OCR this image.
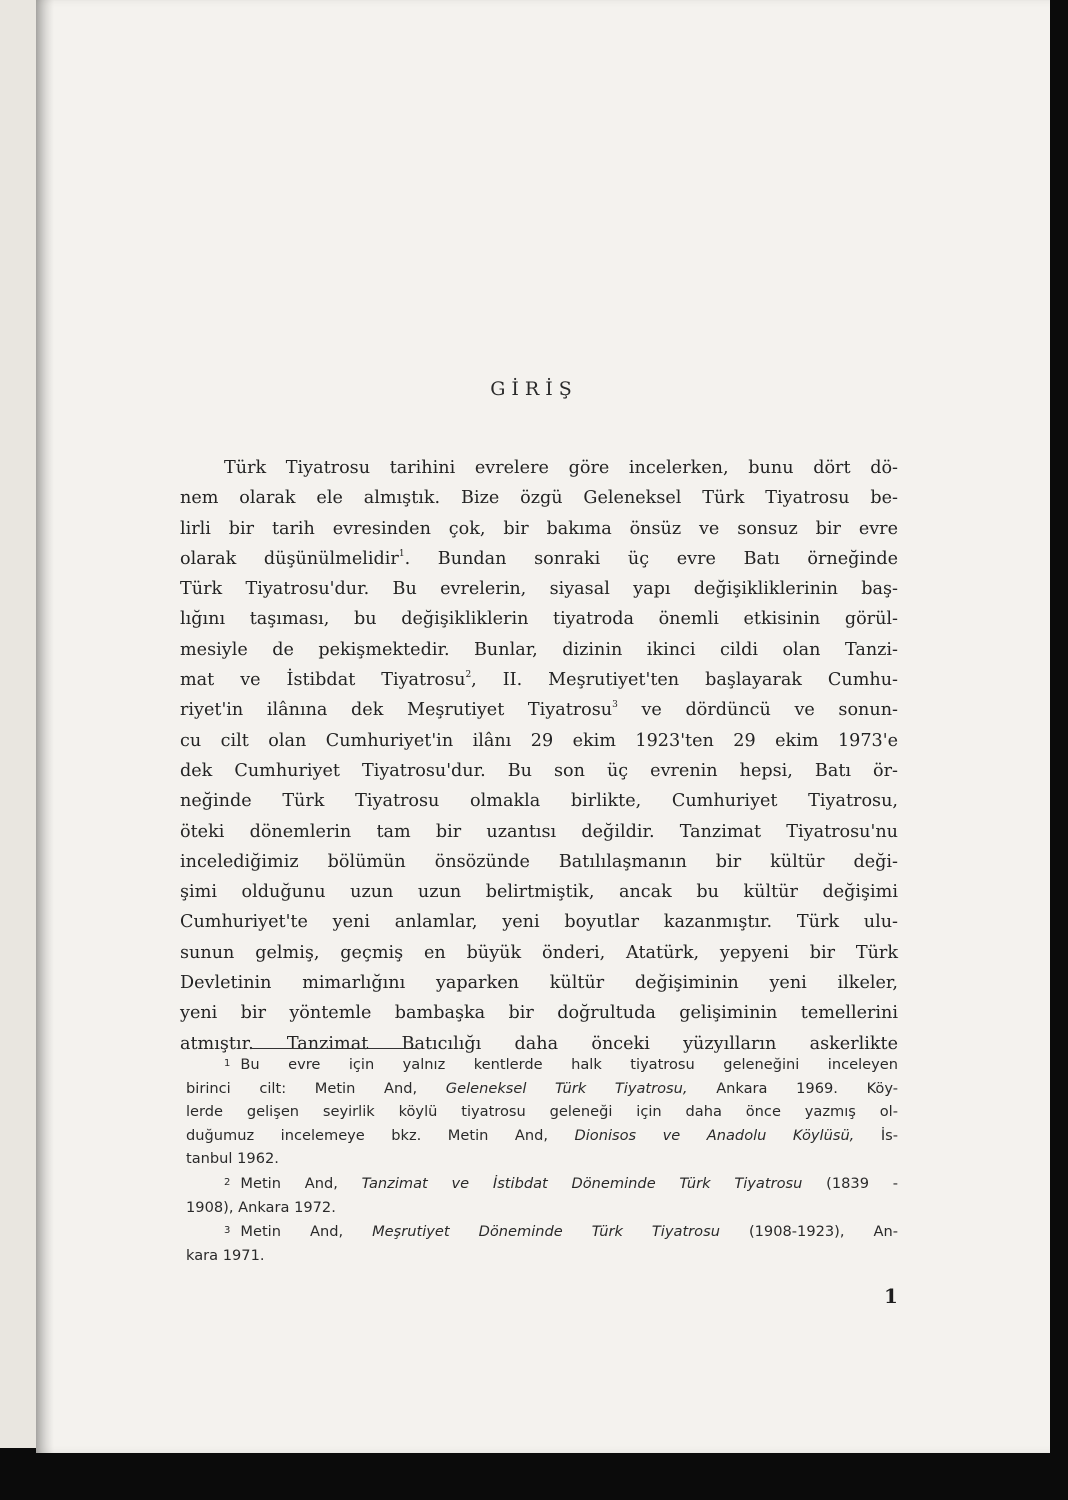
GİRİŞ
Türk Tiyatrosu tarihini evrelere göre incelerken, bunu dört dö-
nem olarak ele almıştık. Bize özgü Geleneksel Türk Tiyatrosu be-
lirli bir tarih evresinden çok, bir bakıma önsüz ve sonsuz bir evre
olarak düşünülmelidir$^1$. Bundan sonraki üç evre Batı örneğinde
Türk Tiyatrosu'dur. Bu evrelerin, siyasal yapı değişikliklerinin baş-
lığını taşıması, bu değişikliklerin tiyatroda önemli etkisinin görül-
mesiyle de pekişmektedir. Bunlar, dizinin ikinci cildi olan Tanzi-
mat ve İstibdat Tiyatrosu$^2$, II. Meşrutiyet'ten başlayarak Cumhu-
riyet'in ilânına dek Meşrutiyet Tiyatrosu$^3$ ve dördüncü ve sonun-
cu cilt olan Cumhuriyet'in ilânı 29 ekim 1923'ten 29 ekim 1973'e
dek Cumhuriyet Tiyatrosu'dur. Bu son üç evrenin hepsi, Batı ör-
neğinde Türk Tiyatrosu olmakla birlikte, Cumhuriyet Tiyatrosu,
öteki dönemlerin tam bir uzantısı değildir. Tanzimat Tiyatrosu'nu
incelediğimiz bölümün önsözünde Batılılaşmanın bir kültür deği-
şimi olduğunu uzun uzun belirtmiştik, ancak bu kültür değişimi
Cumhuriyet'te yeni anlamlar, yeni boyutlar kazanmıştır. Türk ulu-
sunun gelmiş, geçmiş en büyük önderi, Atatürk, yepyeni bir Türk
Devletinin mimarlığını yaparken kültür değişiminin yeni ilkeler,
yeni bir yöntemle bambaşka bir doğrultuda gelişiminin temellerini
atmıştır. Tanzimat Batıcılığı daha önceki yüzyılların askerlikte
$^1$ Bu evre için yalnız kentlerde halk tiyatrosu geleneğini inceleyen
birinci cilt: Metin And, Geleneksel Türk Tiyatrosu, Ankara 1969. Köy-
lerde gelişen seyirlik köylü tiyatrosu geleneği için daha önce yazmış ol-
duğumuz incelemeye bkz. Metin And, Dionisos ve Anadolu Köylüsü, İs-
tanbul 1962.
$^2$ Metin And, Tanzimat ve İstibdat Döneminde Türk Tiyatrosu (1839 -
1908), Ankara 1972.
$^3$ Metin And, Meşrutiyet Döneminde Türk Tiyatrosu (1908-1923), An-
kara 1971.
1
